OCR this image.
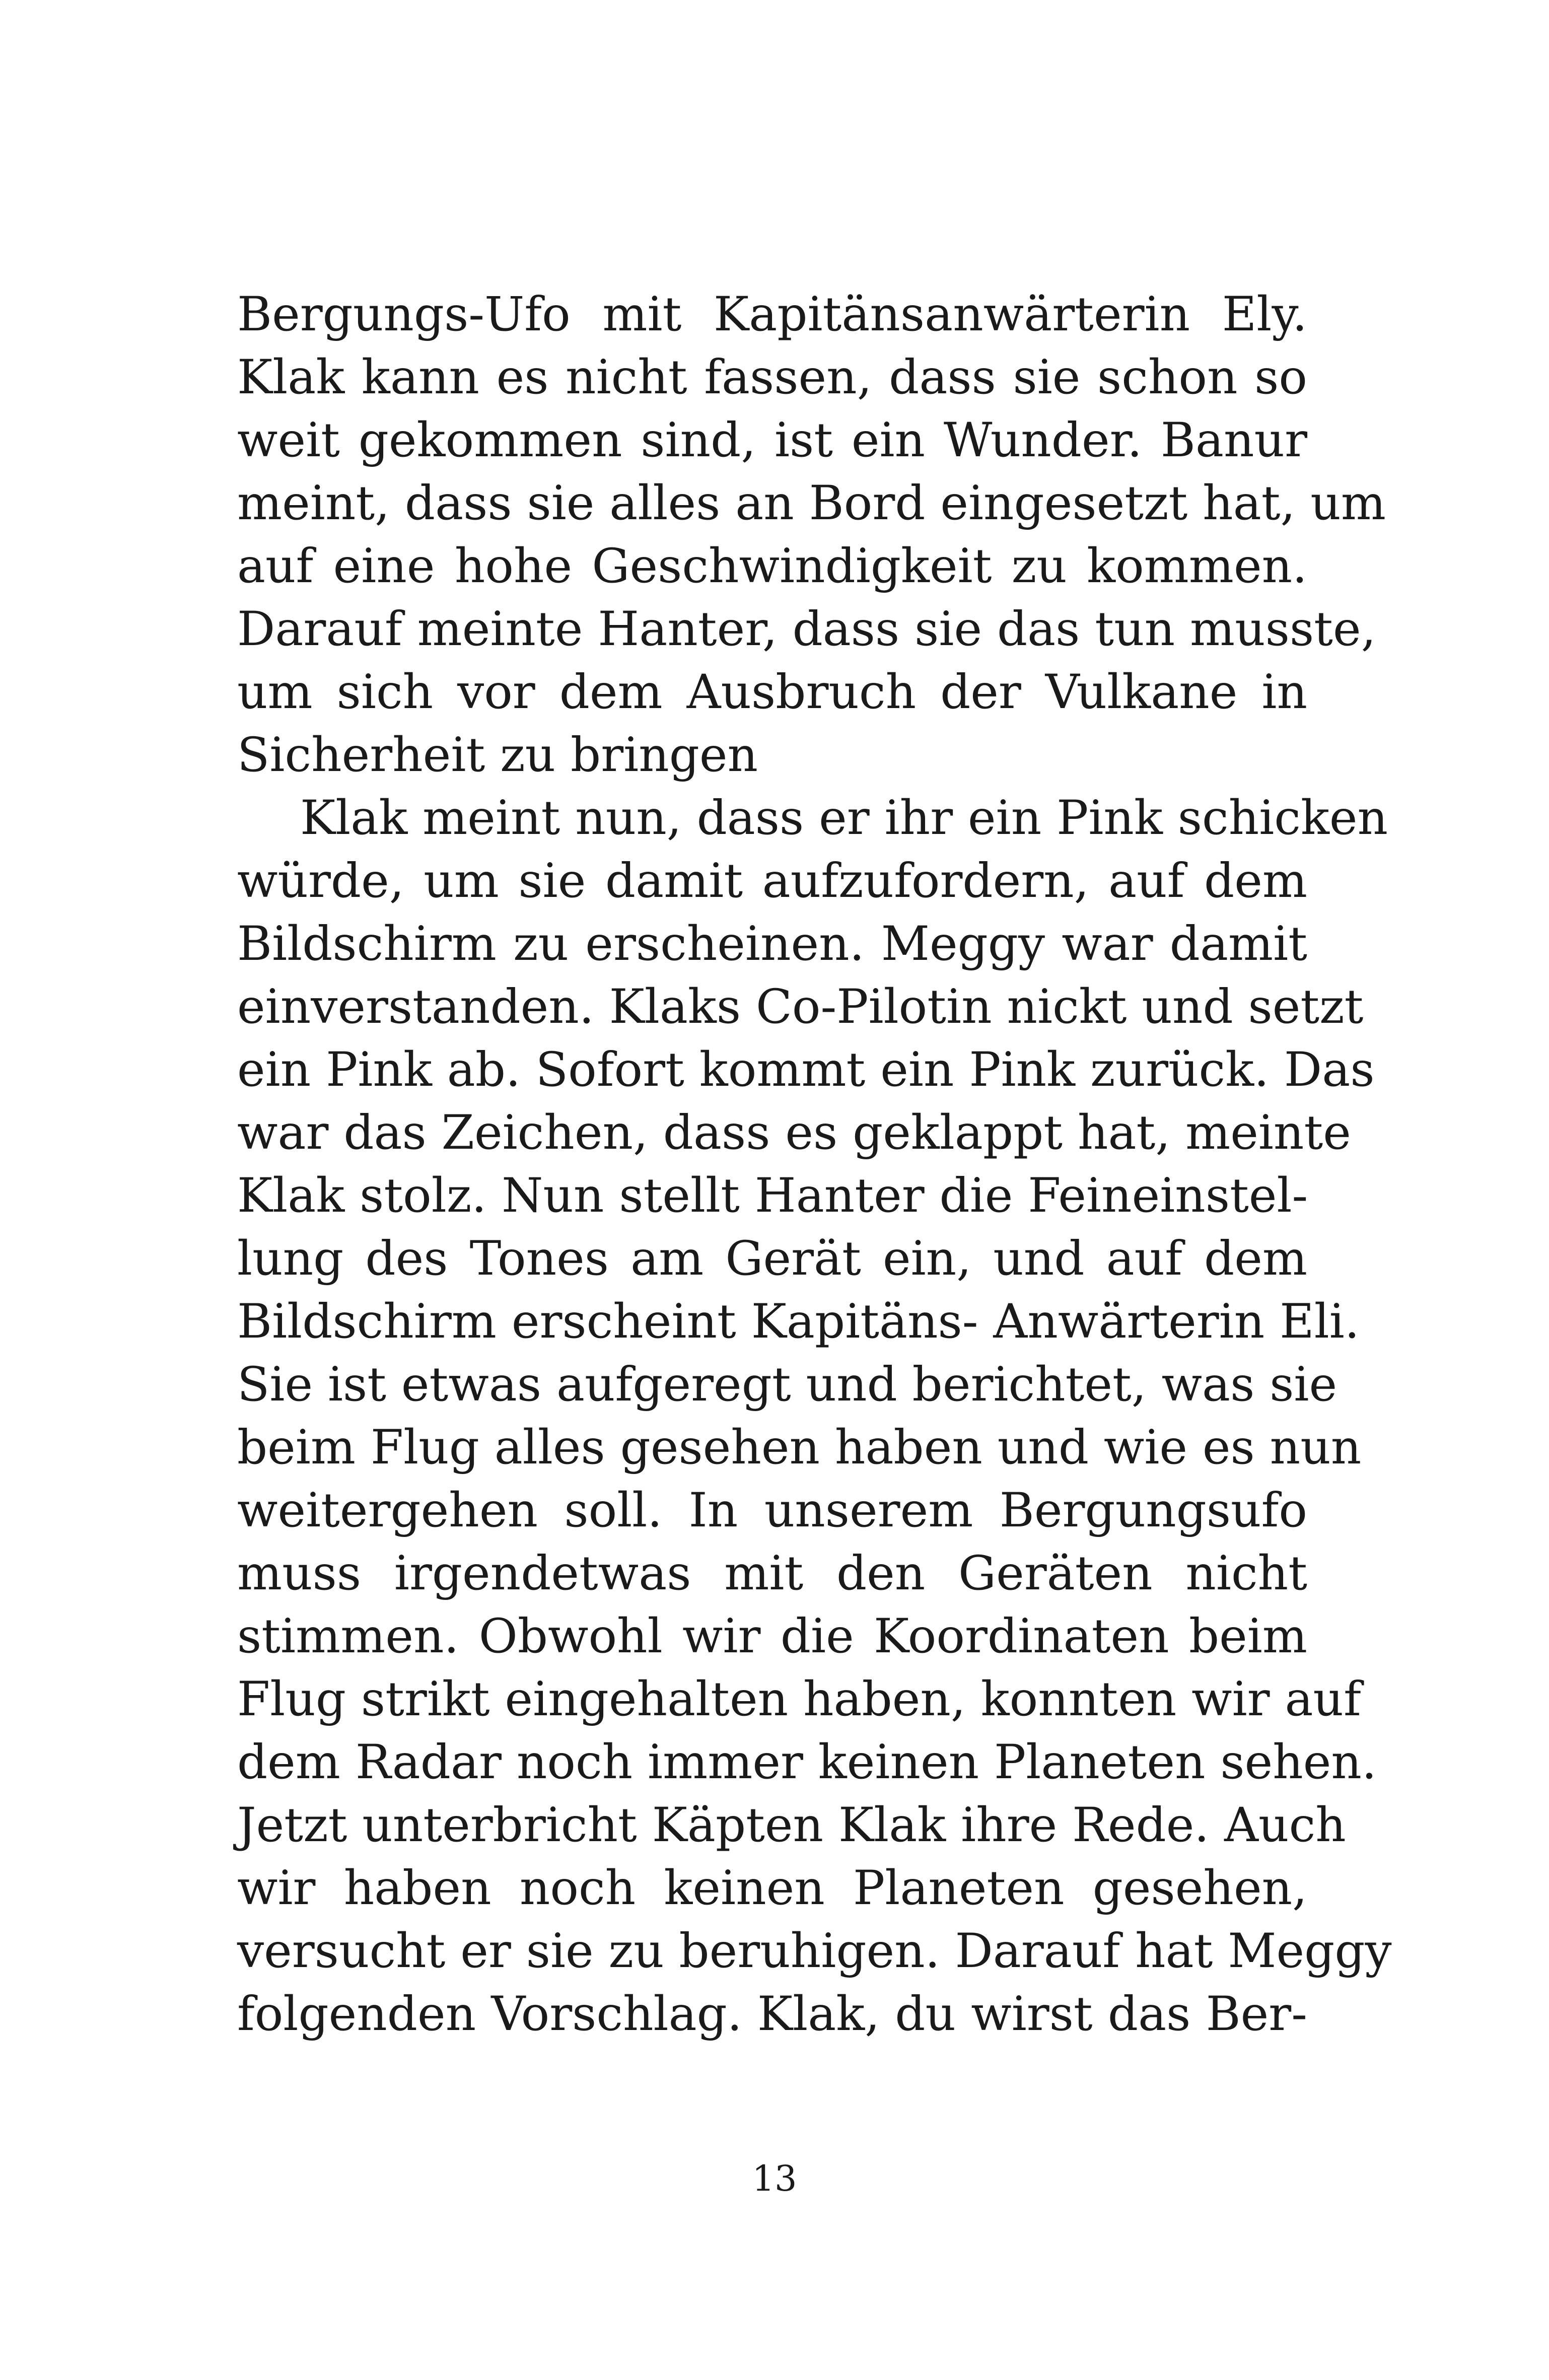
Bergungs-Ufo mit Kapitänsanwärterin Ely.
Klak kann es nicht fassen, dass sie schon so
weit gekommen sind, ist ein Wunder. Banur
meint, dass sie alles an Bord eingesetzt hat, um
auf eine hohe Geschwindigkeit zu kommen.
Darauf meinte Hanter, dass sie das tun musste,
um sich vor dem Ausbruch der Vulkane in
Sicherheit zu bringen
Klak meint nun, dass er ihr ein Pink schicken
würde, um sie damit aufzufordern, auf dem
Bildschirm zu erscheinen. Meggy war damit
einverstanden. Klaks Co-Pilotin nickt und setzt
ein Pink ab. Sofort kommt ein Pink zurück. Das
war das Zeichen, dass es geklappt hat, meinte
Klak stolz. Nun stellt Hanter die Feineinstel-
lung des Tones am Gerät ein, und auf dem
Bildschirm erscheint Kapitäns- Anwärterin Eli.
Sie ist etwas aufgeregt und berichtet, was sie
beim Flug alles gesehen haben und wie es nun
weitergehen soll. In unserem Bergungsufo
muss irgendetwas mit den Geräten nicht
stimmen. Obwohl wir die Koordinaten beim
Flug strikt eingehalten haben, konnten wir auf
dem Radar noch immer keinen Planeten sehen.
Jetzt unterbricht Käpten Klak ihre Rede. Auch
wir haben noch keinen Planeten gesehen,
versucht er sie zu beruhigen. Darauf hat Meggy
folgenden Vorschlag. Klak, du wirst das Ber-
13
